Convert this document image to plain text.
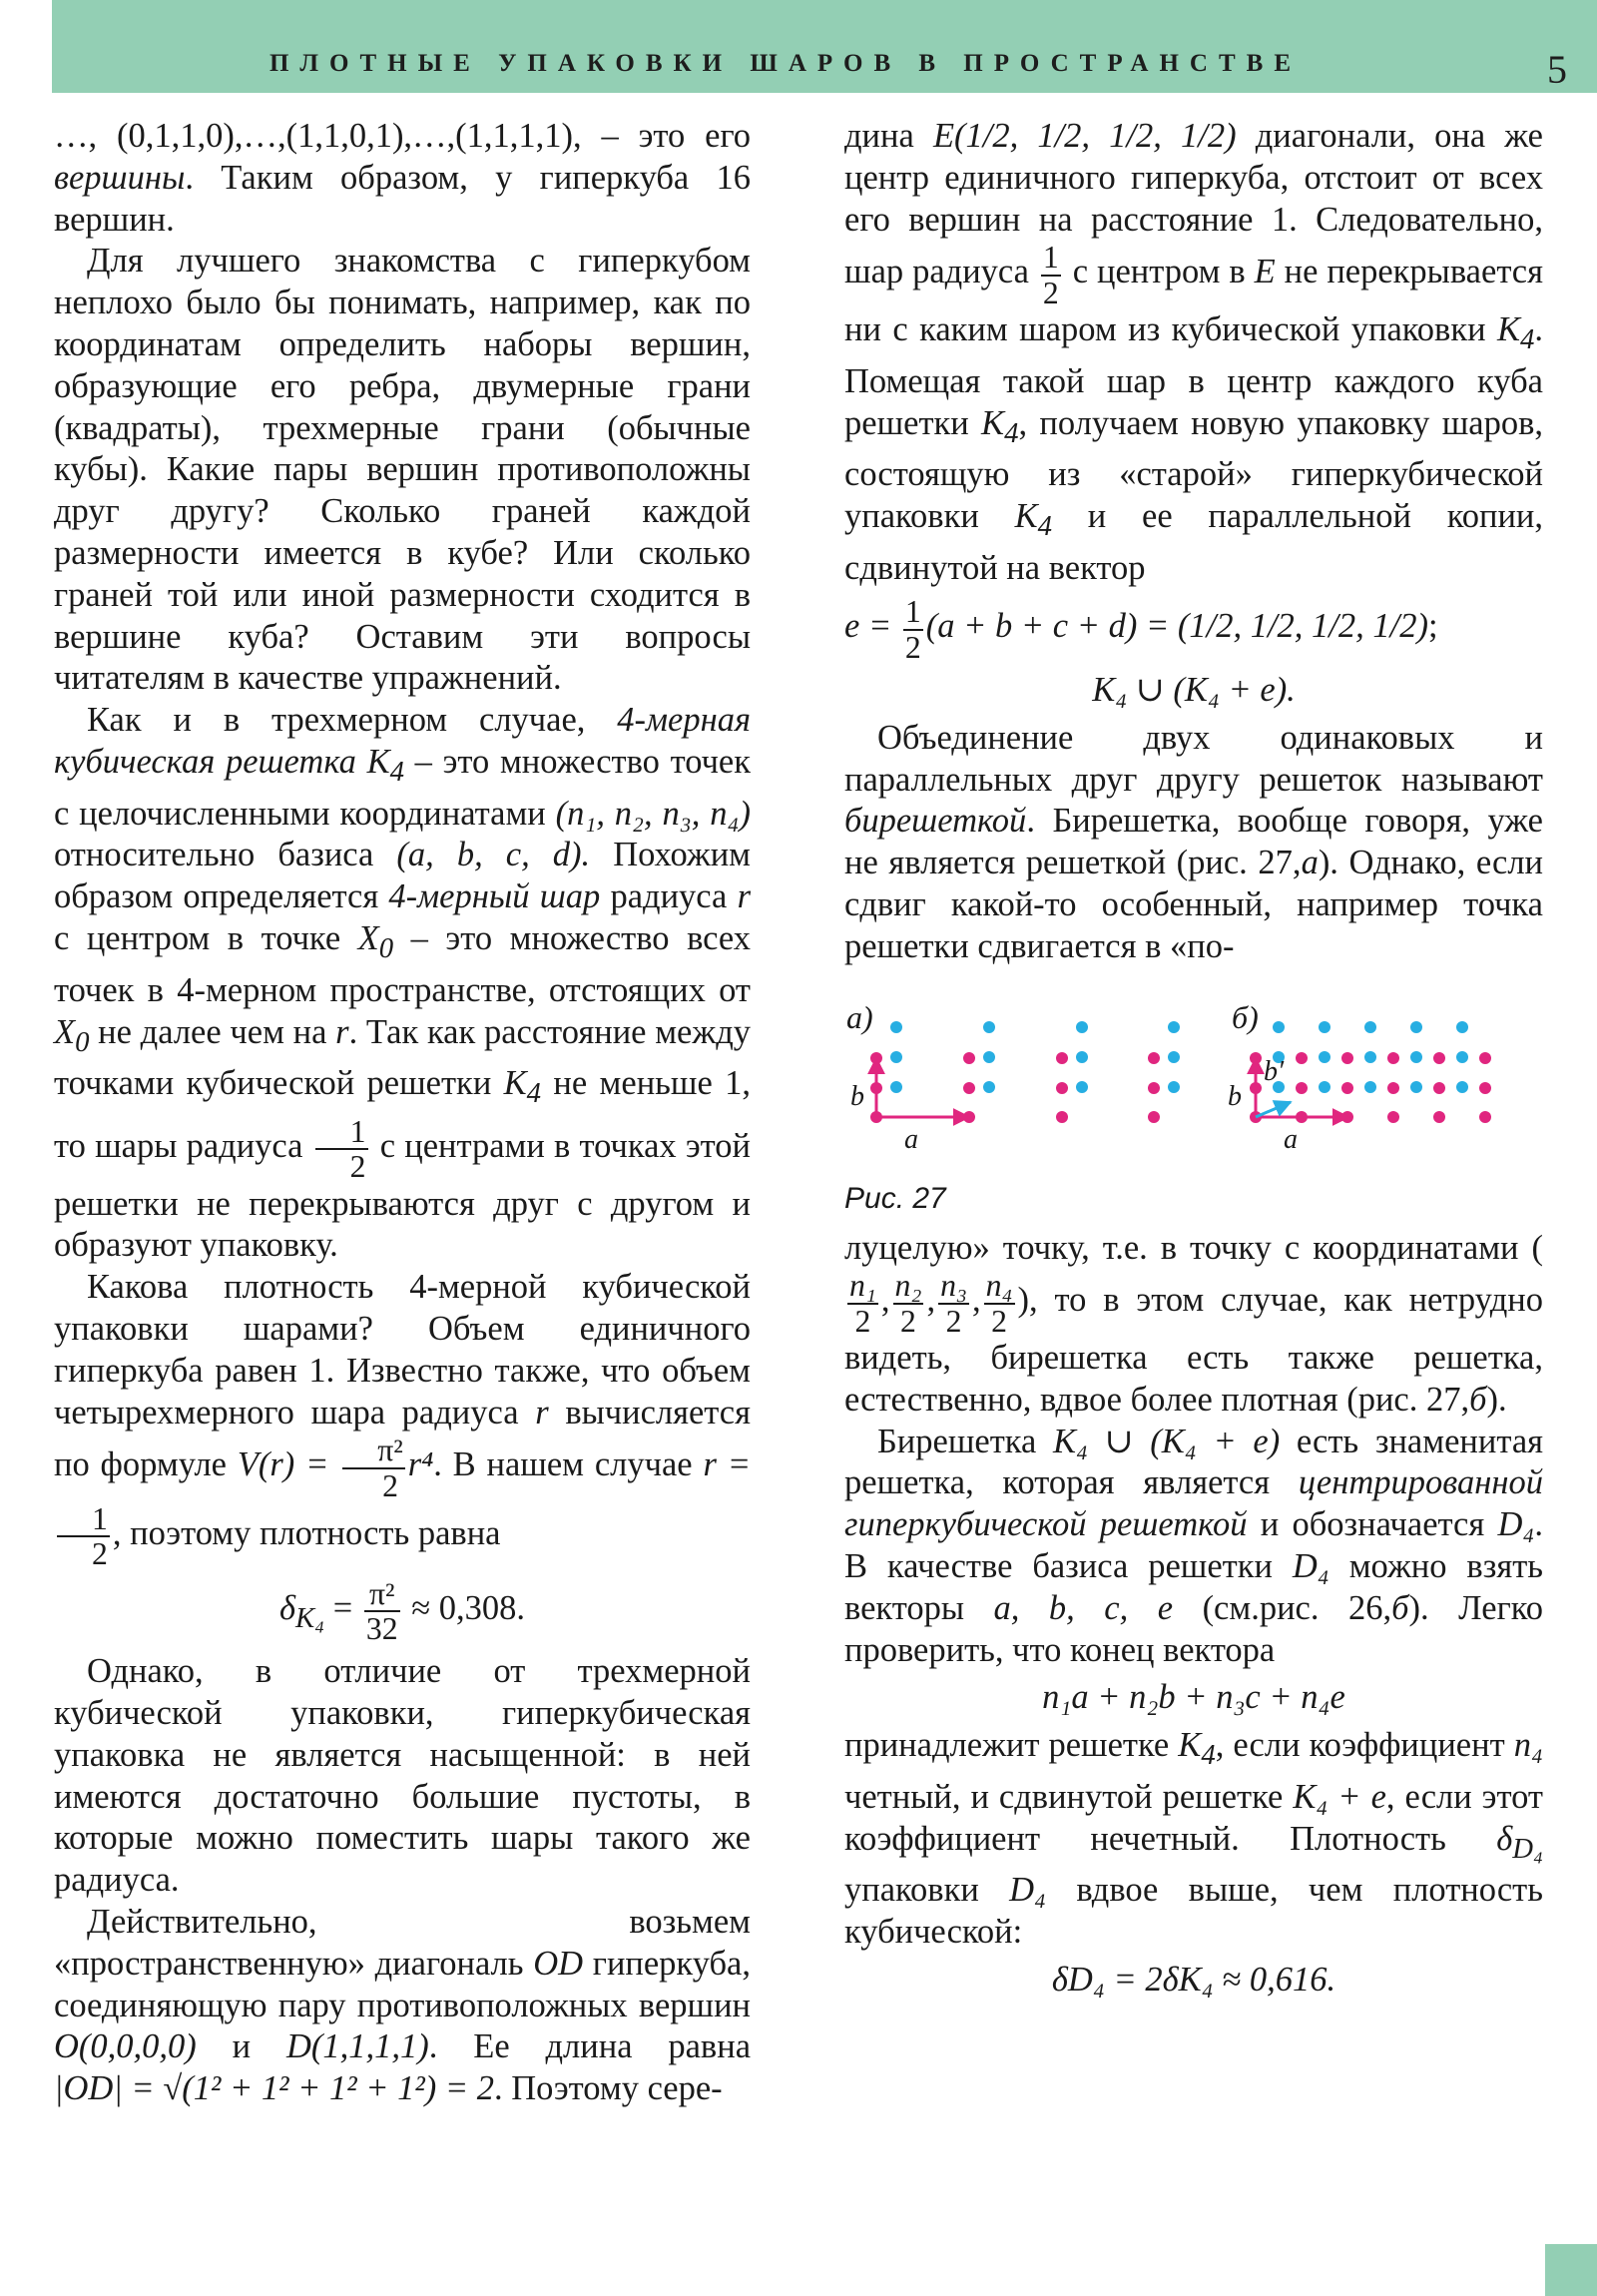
ПЛОТНЫЕ УПАКОВКИ ШАРОВ В ПРОСТРАНСТВЕ	5

…, (0,1,1,0),…,(1,1,0,1),…,(1,1,1,1), – это его вершины. Таким образом, у гиперкуба 16 вершин.

Для лучшего знакомства с гиперкубом неплохо было бы понимать, например, как по координатам определить наборы вершин, образующие его ребра, двумерные грани (квадраты), трехмерные грани (обычные кубы). Какие пары вершин противоположны друг другу? Сколько граней каждой размерности имеется в кубе? Или сколько граней той или иной размерности сходится в вершине куба? Оставим эти вопросы читателям в качестве упражнений.

Как и в трехмерном случае, 4-мерная кубическая решетка $K_4$ – это множество точек с целочисленными координатами (n₁, n₂, n₃, n₄) относительно базиса (a, b, c, d). Похожим образом определяется 4-мерный шар радиуса r с центром в точке $X_0$ – это множество всех точек в 4-мерном пространстве, отстоящих от $X_0$ не далее чем на r. Так как расстояние между точками кубической решетки $K_4$ не меньше 1, то шары радиуса $\frac{1}{2}$ с центрами в точках этой решетки не перекрываются друг с другом и образуют упаковку.

Какова плотность 4-мерной кубической упаковки шарами? Объем единичного гиперкуба равен 1. Известно также, что объем четырехмерного шара радиуса r вычисляется по формуле $V(r) = \frac{\text{π²}}{2} r^4$. В нашем случае r =
$\frac{1}{2}$ , поэтому плотность равна

$\delta_{K_4} = \frac{\text{π²}}{32} \approx 0,308$.

Однако, в отличие от трехмерной кубической упаковки, гиперкубическая упаковка не является насыщенной: в ней имеются достаточно большие пустоты, в которые можно поместить шары такого же радиуса.

Действительно, возьмем «пространственную» диагональ OD гиперкуба, соединяющую пару противоположных вершин O(0,0,0,0) и D(1,1,1,1). Ее длина равна |OD| = √(1² + 1² + 1² + 1²) = 2. Поэтому сере-

дина E(1/2, 1/2, 1/2, 1/2) диагонали, она же центр единичного гиперкуба, отстоит от всех его вершин на расстояние 1. Следовательно, шар радиуса $\frac{1}{2}$ с центром в E не перекрывается ни с каким шаром из кубической упаковки $K_4$. Помещая такой шар в центр каждого куба решетки $K_4$, получаем новую упаковку шаров, состоящую из «старой» гиперкубической упаковки $K_4$ и ее параллельной копии, сдвинутой на вектор

$e = \frac{1}{2} (a + b + c + d) = (1/2$, 1/2, 1/2, 1/2);
K₄ ∪ (K₄ + e).

Объединение двух одинаковых и параллельных друг другу решеток называют бирешеткой. Бирешетка, вообще говоря, уже не является решеткой (рис. 27,а). Однако, если сдвиг какой-то особенный, например точка решетки сдвигается в «по-

а)	б)
a
b
a
b
b′
Рис. 27

луцелую» точку, т.е. в точку с координатами (
$\frac{\text{n₁}}{2}$ , $\frac{\text{n₂}}{2}$ , $\frac{\text{n₃}}{2}$ , $\frac{\text{n₄}}{2}$ ), то в этом случае, как нетрудно видеть, бирешетка есть также решетка, естественно, вдвое более плотная (рис. 27,б).

Бирешетка K₄ ∪ (K₄ + e) есть знаменитая решетка, которая является центрированной гиперкубической решеткой и обозначается D₄. В качестве базиса решетки D₄ можно взять векторы a, b, c, e (см.рис. 26,б). Легко проверить, что конец вектора

n₁a + n₂b + n₃c + n₄e

принадлежит решетке $K_4$, если коэффициент n₄ четный, и сдвинутой решетке K₄ + e, если этот коэффициент нечетный. Плотность $\delta_{D_4}$ упаковки D₄ вдвое выше, чем плотность кубической:

δD₄ = 2δK₄ ≈ 0,616.
